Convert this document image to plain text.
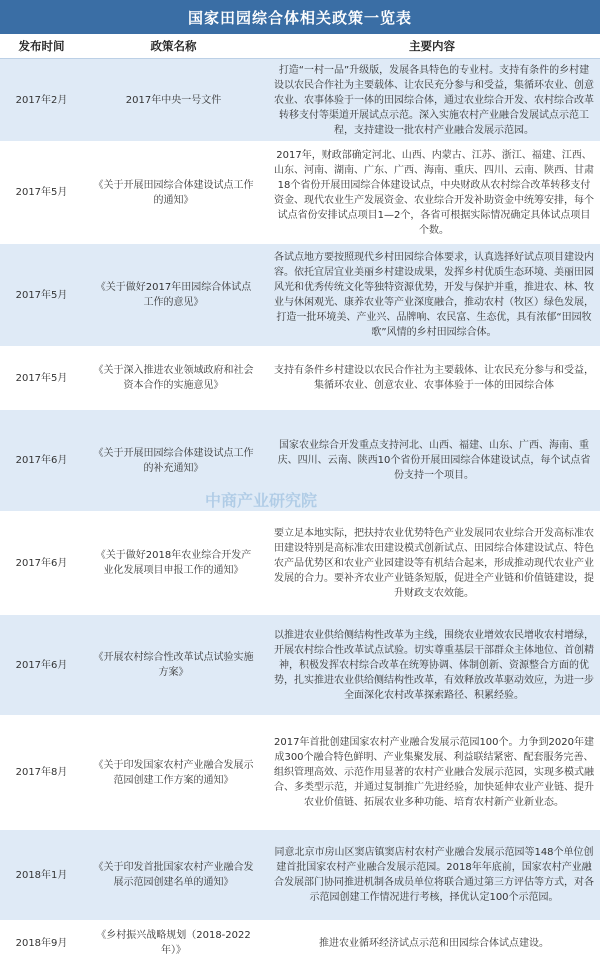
国家田园综合体相关政策一览表
发布时间	政策名称	主要内容
2017年2月	2017年中央一号文件	打造“一村一品”升级版，发展各具特色的专业村。支持有条件的乡村建设以农民合作社为主要载体、让农民充分参与和受益，集循环农业、创意农业、农事体验于一体的田园综合体，通过农业综合开发、农村综合改革转移支付等渠道开展试点示范。深入实施农村产业融合发展试点示范工程，支持建设一批农村产业融合发展示范园。
2017年5月	《关于开展田园综合体建设试点工作的通知》	2017年，财政部确定河北、山西、内蒙古、江苏、浙江、福建、江西、山东、河南、湖南、广东、广西、海南、重庆、四川、云南、陕西、甘肃18个省份开展田园综合体建设试点，中央财政从农村综合改革转移支付资金、现代农业生产发展资金、农业综合开发补助资金中统筹安排，每个试点省份安排试点项目1—2个，各省可根据实际情况确定具体试点项目个数。
2017年5月	《关于做好2017年田园综合体试点工作的意见》	各试点地方要按照现代乡村田园综合体要求，认真选择好试点项目建设内容。依托宜居宜业美丽乡村建设成果，发挥乡村优质生态环境、美丽田园风光和优秀传统文化等独特资源优势，开发与保护并重，推进农、林、牧业与休闲观光、康养农业等产业深度融合，推动农村（牧区）绿色发展，打造一批环境美、产业兴、品牌响、农民富、生态优，具有浓郁“田园牧歌”风情的乡村田园综合体。
2017年5月	《关于深入推进农业领域政府和社会资本合作的实施意见》	支持有条件乡村建设以农民合作社为主要载体、让农民充分参与和受益，集循环农业、创意农业、农事体验于一体的田园综合体
2017年6月	《关于开展田园综合体建设试点工作的补充通知》	国家农业综合开发重点支持河北、山西、福建、山东、广西、海南、重庆、四川、云南、陕西10个省份开展田园综合体建设试点，每个试点省份支持一个项目。
2017年6月	《关于做好2018年农业综合开发产业化发展项目申报工作的通知》	要立足本地实际，把扶持农业优势特色产业发展同农业综合开发高标准农田建设特别是高标准农田建设模式创新试点、田园综合体建设试点、特色农产品优势区和农业产业园建设等有机结合起来，形成推动现代农业产业发展的合力。要补齐农业产业链条短版，促进全产业链和价值链建设，提升财政支农效能。
2017年6月	《开展农村综合性改革试点试验实施方案》	以推进农业供给侧结构性改革为主线，围绕农业增效农民增收农村增绿，开展农村综合性改革试点试验。切实尊重基层干部群众主体地位、首创精神，积极发挥农村综合改革在统筹协调、体制创新、资源整合方面的优势，扎实推进农业供给侧结构性改革，有效释放改革驱动效应，为进一步全面深化农村改革探索路径、积累经验。
2017年8月	《关于印发国家农村产业融合发展示范园创建工作方案的通知》	2017年首批创建国家农村产业融合发展示范园100个。力争到2020年建成300个融合特色鲜明、产业集聚发展、利益联结紧密、配套服务完善、组织管理高效、示范作用显著的农村产业融合发展示范园，实现多模式融合、多类型示范，并通过复制推广先进经验，加快延伸农业产业链、提升农业价值链、拓展农业多种功能、培育农村新产业新业态。
2018年1月	《关于印发首批国家农村产业融合发展示范园创建名单的通知》	同意北京市房山区窦店镇窦店村农村产业融合发展示范园等148个单位创建首批国家农村产业融合发展示范园。2018年年底前，国家农村产业融合发展部门协同推进机制各成员单位将联合通过第三方评估等方式，对各示范园创建工作情况进行考核，择优认定100个示范园。
2018年9月	《乡村振兴战略规划（2018-2022年）》	推进农业循环经济试点示范和田园综合体试点建设。
中商产业研究院
